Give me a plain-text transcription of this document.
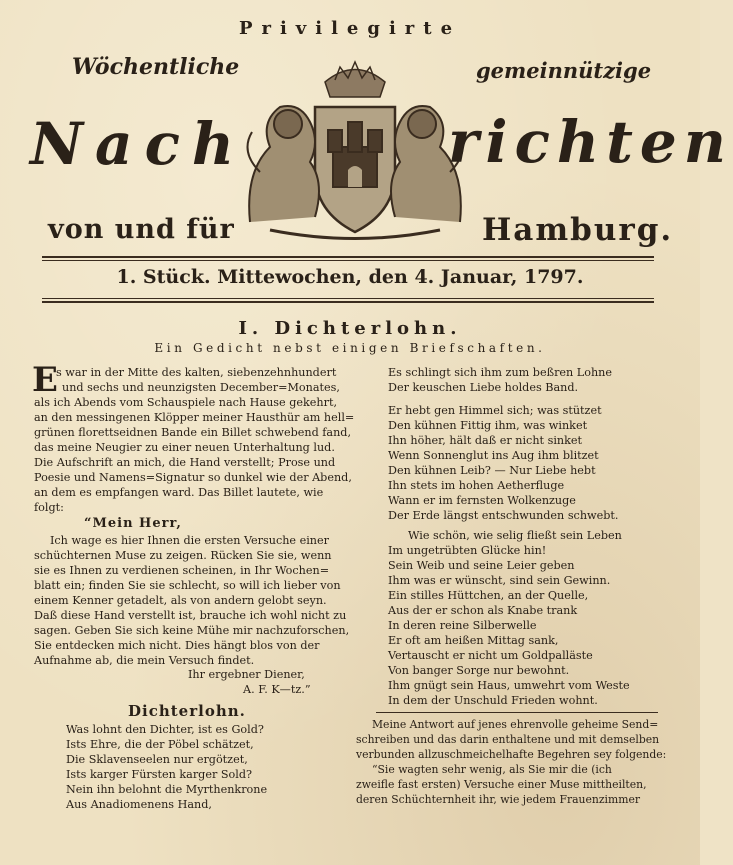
Privilegirte
Wöchentliche	gemeinnützige
Nach	richten
von und für	Hamburg.
1. Stück. Mittewochen, den 4. Januar, 1797.
I. Dichterlohn.
Ein Gedicht nebst einigen Briefschaften.
E
s war in der Mitte des kalten, siebenzehnhundert
und sechs und neunzigsten December=Monates,
als ich Abends vom Schauspiele nach Hause gekehrt,
an den messingenen Klöpper meiner Hausthür am hell=
grünen florettseidnen Bande ein Billet schwebend fand,
das meine Neugier zu einer neuen Unterhaltung lud.
Die Aufschrift an mich, die Hand verstellt; Prose und
Poesie und Namens=Signatur so dunkel wie der Abend,
an dem es empfangen ward. Das Billet lautete, wie
folgt:
“Mein Herr,
Ich wage es hier Ihnen die ersten Versuche einer
schüchternen Muse zu zeigen. Rücken Sie sie, wenn
sie es Ihnen zu verdienen scheinen, in Ihr Wochen=
blatt ein; finden Sie sie schlecht, so will ich lieber von
einem Kenner getadelt, als von andern gelobt seyn.
Daß diese Hand verstellt ist, brauche ich wohl nicht zu
sagen. Geben Sie sich keine Mühe mir nachzuforschen,
Sie entdecken mich nicht. Dies hängt blos von der
Aufnahme ab, die mein Versuch findet.
Ihr ergebner Diener,
A. F. K—tz.”
Dichterlohn.
Was lohnt den Dichter, ist es Gold?
Ists Ehre, die der Pöbel schätzet,
Die Sklavenseelen nur ergötzet,
Ists karger Fürsten karger Sold?
Nein ihn belohnt die Myrthenkrone
Aus Anadiomenens Hand,
Es schlingt sich ihm zum beßren Lohne
Der keuschen Liebe holdes Band.
Er hebt gen Himmel sich; was stützet
Den kühnen Fittig ihm, was winket
Ihn höher, hält daß er nicht sinket
Wenn Sonnenglut ins Aug ihm blitzet
Den kühnen Leib? — Nur Liebe hebt
Ihn stets im hohen Aetherfluge
Wann er im fernsten Wolkenzuge
Der Erde längst entschwunden schwebt.
Wie schön, wie selig fließt sein Leben
Im ungetrübten Glücke hin!
Sein Weib und seine Leier geben
Ihm was er wünscht, sind sein Gewinn.
Ein stilles Hüttchen, an der Quelle,
Aus der er schon als Knabe trank
In deren reine Silberwelle
Er oft am heißen Mittag sank,
Vertauscht er nicht um Goldpalläste
Von banger Sorge nur bewohnt.
Ihm gnügt sein Haus, umwehrt vom Weste
In dem der Unschuld Frieden wohnt.
Meine Antwort auf jenes ehrenvolle geheime Send=
schreiben und das darin enthaltene und mit demselben
verbunden allzuschmeichelhafte Begehren sey folgende:
“Sie wagten sehr wenig, als Sie mir die (ich
zweifle fast ersten) Versuche einer Muse mittheilten,
deren Schüchternheit ihr, wie jedem Frauenzimmer
